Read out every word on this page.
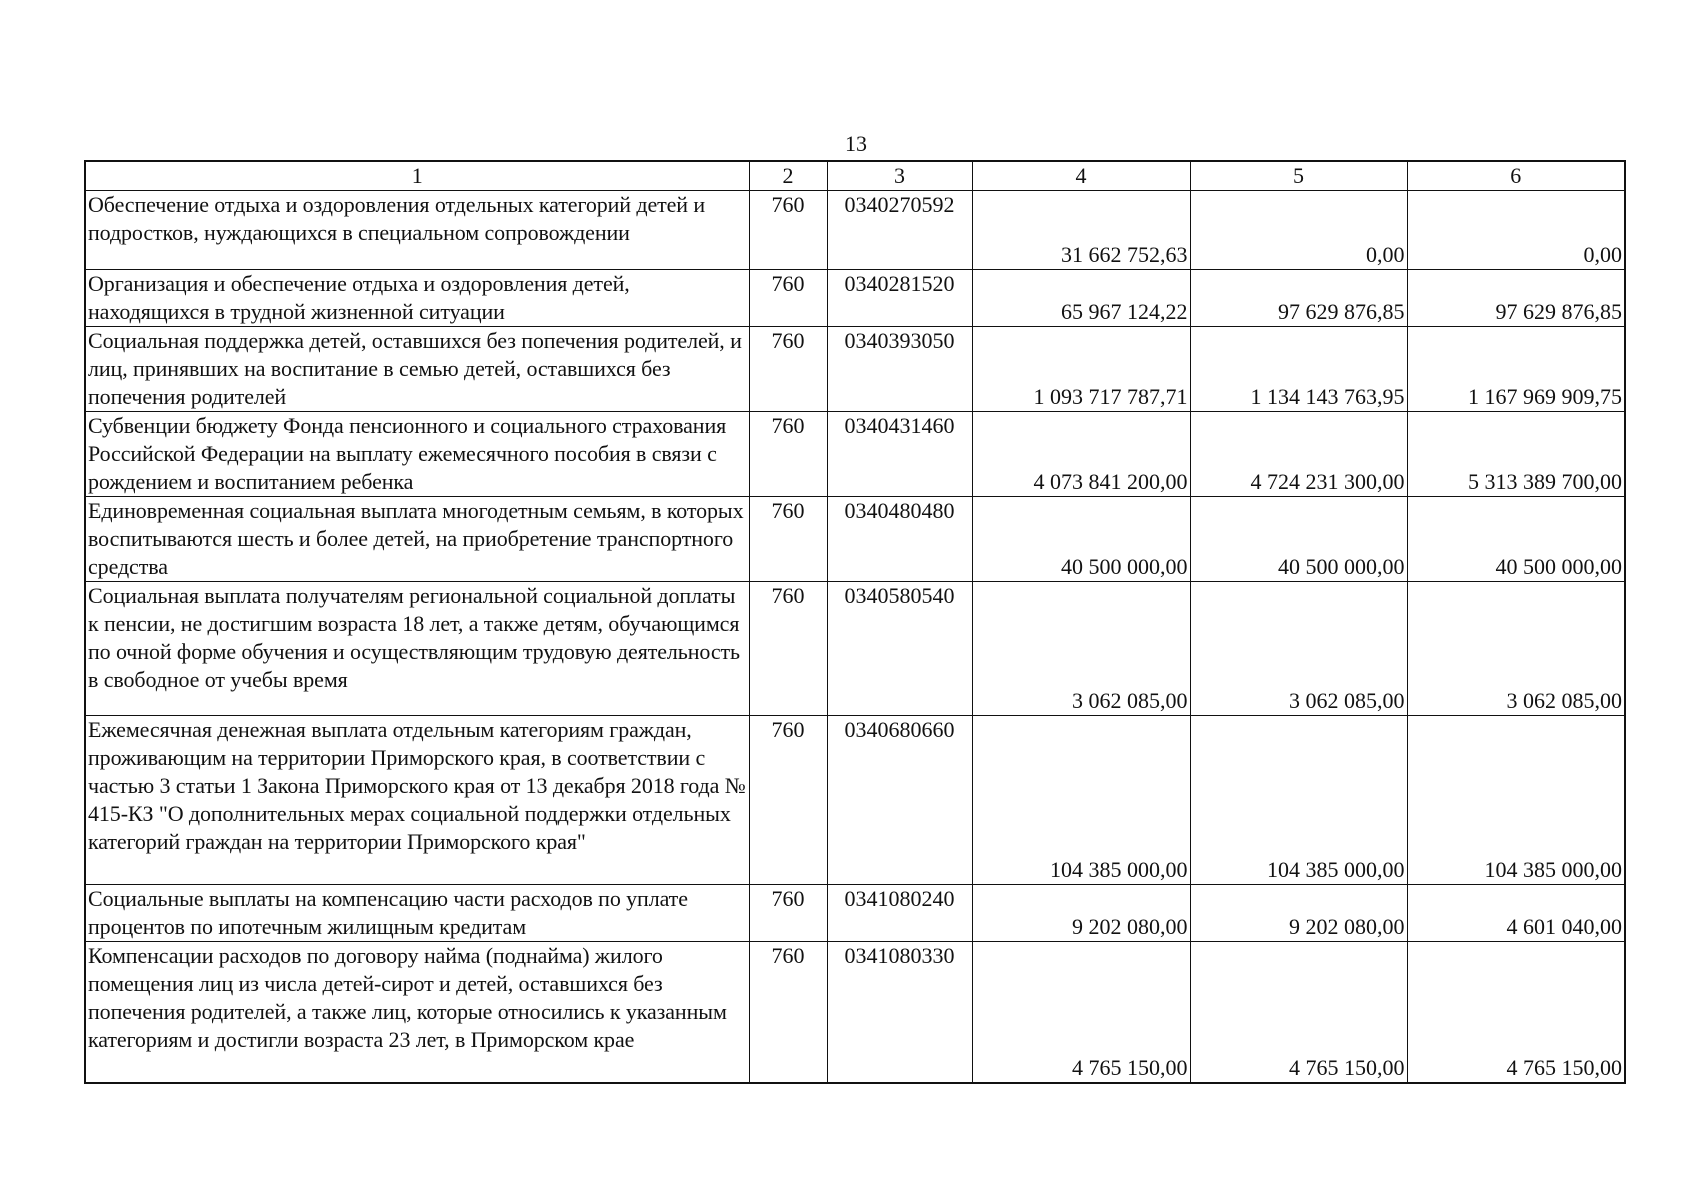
13
1	2	3	4	5	6
Обеспечение отдыха и оздоровления отдельных категорий детей и подростков, нуждающихся в специальном сопровождении	760	0340270592	31 662 752,63	0,00	0,00
Организация и обеспечение отдыха и оздоровления детей, находящихся в трудной жизненной ситуации	760	0340281520	65 967 124,22	97 629 876,85	97 629 876,85
Социальная поддержка детей, оставшихся без попечения родителей, и лиц, принявших на воспитание в семью детей, оставшихся без попечения родителей	760	0340393050	1 093 717 787,71	1 134 143 763,95	1 167 969 909,75
Субвенции бюджету Фонда пенсионного и социального страхования Российской Федерации на выплату ежемесячного пособия в связи с рождением и воспитанием ребенка	760	0340431460	4 073 841 200,00	4 724 231 300,00	5 313 389 700,00
Единовременная социальная выплата многодетным семьям, в которых воспитываются шесть и более детей, на приобретение транспортного средства	760	0340480480	40 500 000,00	40 500 000,00	40 500 000,00
Социальная выплата получателям региональной социальной доплаты к пенсии, не достигшим возраста 18 лет, а также детям, обучающимся по очной форме обучения и осуществляющим трудовую деятельность в свободное от учебы время	760	0340580540	3 062 085,00	3 062 085,00	3 062 085,00
Ежемесячная денежная выплата отдельным категориям граждан, проживающим на территории Приморского края, в соответствии с частью 3 статьи 1 Закона Приморского края от 13 декабря 2018 года № 415-КЗ "О дополнительных мерах социальной поддержки отдельных категорий граждан на территории Приморского края"	760	0340680660	104 385 000,00	104 385 000,00	104 385 000,00
Социальные выплаты на компенсацию части расходов по уплате процентов по ипотечным жилищным кредитам	760	0341080240	9 202 080,00	9 202 080,00	4 601 040,00
Компенсации расходов по договору найма (поднайма) жилого помещения лиц из числа детей-сирот и детей, оставшихся без попечения родителей, а также лиц, которые относились к указанным категориям и достигли возраста 23 лет, в Приморском крае	760	0341080330	4 765 150,00	4 765 150,00	4 765 150,00
